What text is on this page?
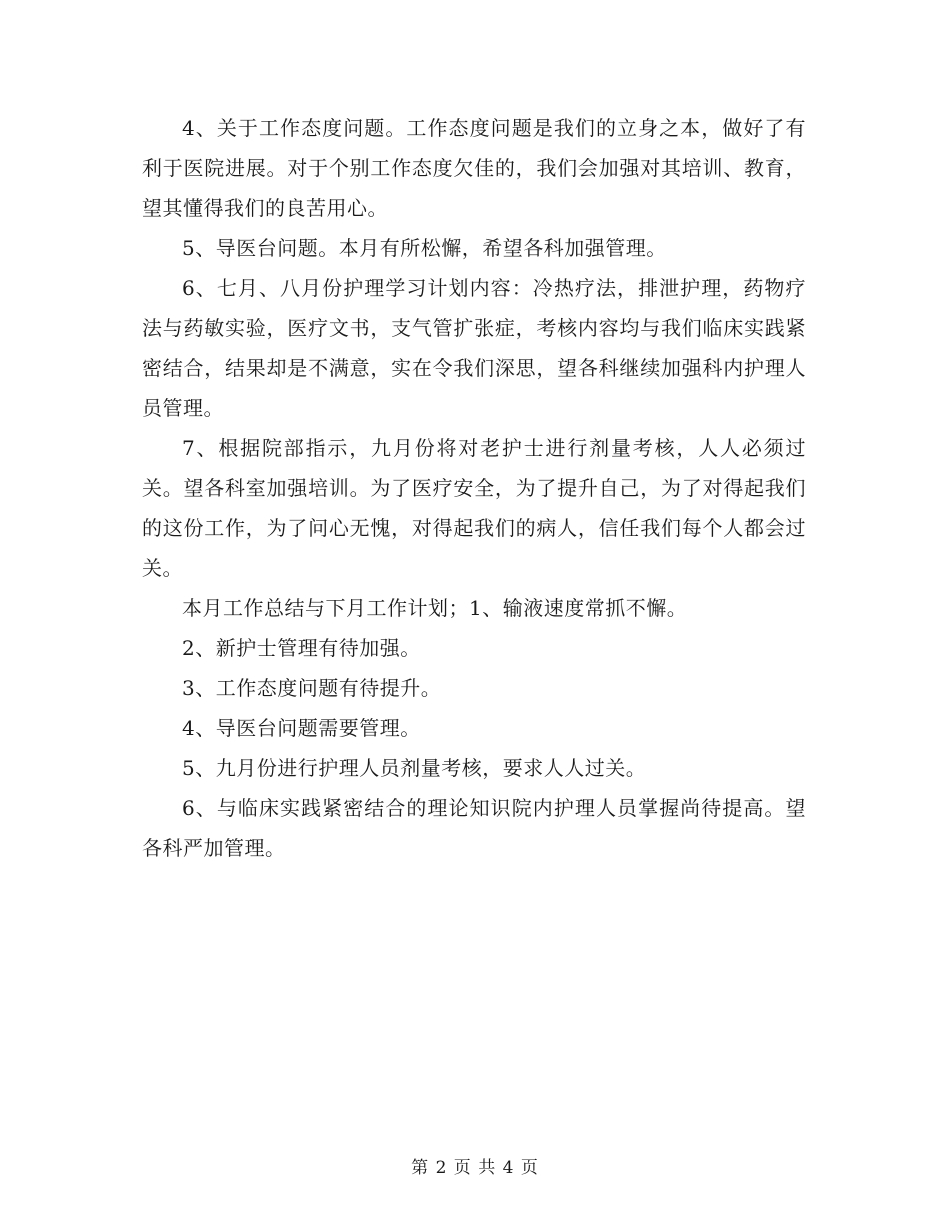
4、关于工作态度问题。工作态度问题是我们的立身之本，做好了有利于医院进展。对于个别工作态度欠佳的，我们会加强对其培训、教育，望其懂得我们的良苦用心。

5、导医台问题。本月有所松懈，希望各科加强管理。

6、七月、八月份护理学习计划内容：冷热疗法，排泄护理，药物疗法与药敏实验，医疗文书，支气管扩张症，考核内容均与我们临床实践紧密结合，结果却是不满意，实在令我们深思，望各科继续加强科内护理人员管理。

7、根据院部指示，九月份将对老护士进行剂量考核，人人必须过关。望各科室加强培训。为了医疗安全，为了提升自己，为了对得起我们的这份工作，为了问心无愧，对得起我们的病人，信任我们每个人都会过关。

本月工作总结与下月工作计划；1、输液速度常抓不懈。

2、新护士管理有待加强。

3、工作态度问题有待提升。

4、导医台问题需要管理。

5、九月份进行护理人员剂量考核，要求人人过关。

6、与临床实践紧密结合的理论知识院内护理人员掌握尚待提高。望各科严加管理。

第 2 页 共 4 页
